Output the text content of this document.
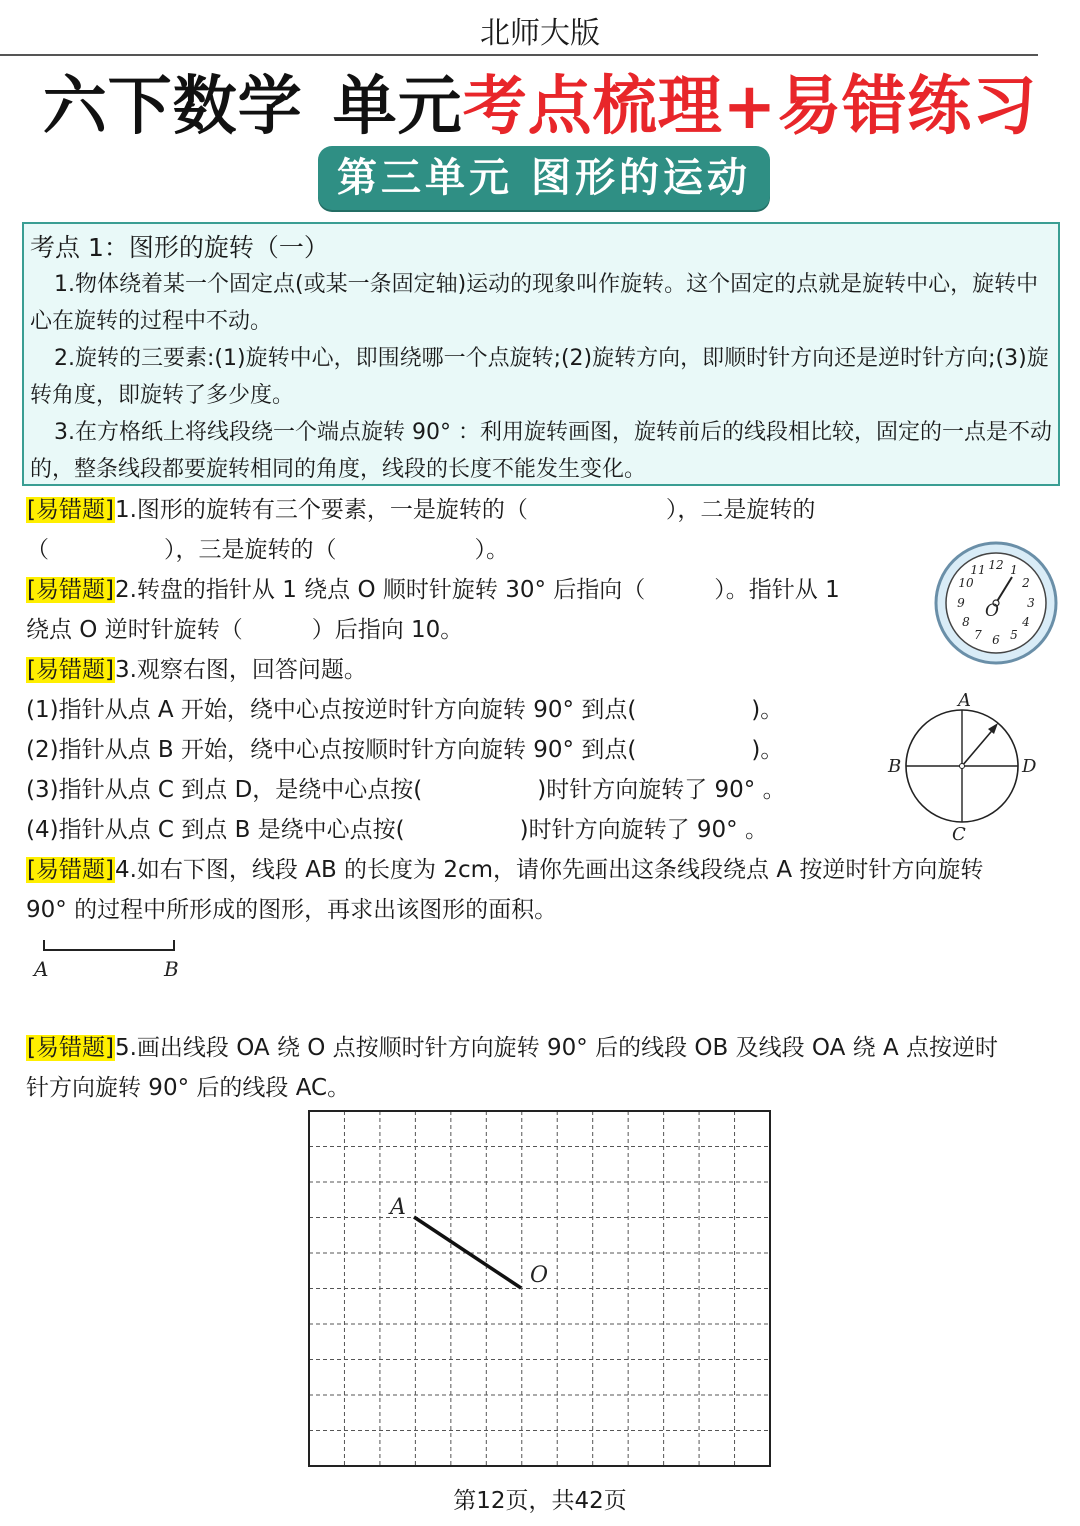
北师大版
六下数学 单元考点梳理+易错练习
第三单元 图形的运动
考点 1：图形的旋转（一）

1.物体绕着某一个固定点(或某一条固定轴)运动的现象叫作旋转。这个固定的点就是旋转中心，旋转中心在旋转的过程中不动。

2.旋转的三要素:(1)旋转中心，即围绕哪一个点旋转;(2)旋转方向，即顺时针方向还是逆时针方向;(3)旋转角度，即旋转了多少度。

3.在方格纸上将线段绕一个端点旋转 90° ：利用旋转画图，旋转前后的线段相比较，固定的一点是不动的，整条线段都要旋转相同的角度，线段的长度不能发生变化。

[易错题]1.图形的旋转有三个要素，一是旋转的（　　　　　　），二是旋转的
（　　　　　），三是旋转的（　　　　　　）。
[易错题]2.转盘的指针从 1 绕点 O 顺时针旋转 30° 后指向（　　　）。指针从 1
绕点 O 逆时针旋转（　　　）后指向 10。
12 1
2
3
4
5
6
7
8
9
10
11
O
[易错题]3.观察右图，回答问题。
(1)指针从点 A 开始，绕中心点按逆时针方向旋转 90° 到点(　　　　　)。
(2)指针从点 B 开始，绕中心点按顺时针方向旋转 90° 到点(　　　　　)。
(3)指针从点 C 到点 D，是绕中心点按(　　　　　)时针方向旋转了 90° 。
(4)指针从点 C 到点 B 是绕中心点按(　　　　　)时针方向旋转了 90° 。
A
B	D
C
[易错题]4.如右下图，线段 AB 的长度为 2cm，请你先画出这条线段绕点 A 按逆时针方向旋转
90° 的过程中所形成的图形，再求出该图形的面积。
A	B
[易错题]5.画出线段 OA 绕 O 点按顺时针方向旋转 90° 后的线段 OB 及线段 OA 绕 A 点按逆时
针方向旋转 90° 后的线段 AC。
A
O
第12页，共42页
